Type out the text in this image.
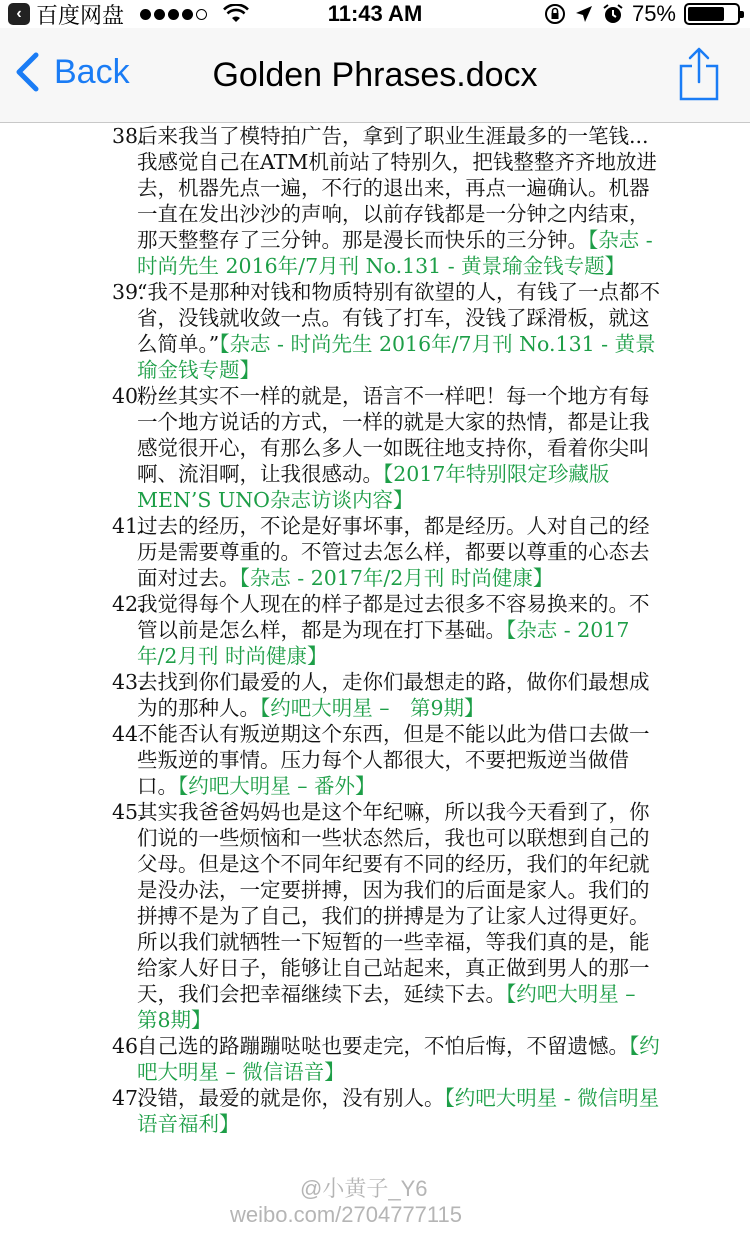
‹ 百度网盘	11:43 AM	75%
Back	Golden Phrases.docx
38.
后来我当了模特拍广告，拿到了职业生涯最多的一笔钱...我感觉自己在ATM机前站了特别久，把钱整整齐齐地放进去，机器先点一遍，不行的退出来，再点一遍确认。机器一直在发出沙沙的声响，以前存钱都是一分钟之内结束，那天整整存了三分钟。那是漫长而快乐的三分钟。【杂志 - 时尚先生 2016年/7月刊 No.131 - 黄景瑜金钱专题】
39.
“我不是那种对钱和物质特别有欲望的人，有钱了一点都不省，没钱就收敛一点。有钱了打车，没钱了踩滑板，就这么简单。”【杂志 - 时尚先生 2016年/7月刊 No.131 - 黄景瑜金钱专题】
40.
粉丝其实不一样的就是，语言不一样吧！每一个地方有每一个地方说话的方式，一样的就是大家的热情，都是让我感觉很开心，有那么多人一如既往地支持你，看着你尖叫啊、流泪啊，让我很感动。【2017年特别限定珍藏版MEN’S UNO杂志访谈内容】
41.
过去的经历，不论是好事坏事，都是经历。人对自己的经历是需要尊重的。不管过去怎么样，都要以尊重的心态去面对过去。【杂志 - 2017年/2月刊 时尚健康】
42.
我觉得每个人现在的样子都是过去很多不容易换来的。不管以前是怎么样，都是为现在打下基础。【杂志 - 2017年/2月刊 时尚健康】
43.
去找到你们最爱的人，走你们最想走的路，做你们最想成为的那种人。【约吧大明星 –　第9期】
44.
不能否认有叛逆期这个东西，但是不能以此为借口去做一些叛逆的事情。压力每个人都很大，不要把叛逆当做借口。【约吧大明星 – 番外】
45.
其实我爸爸妈妈也是这个年纪嘛，所以我今天看到了，你们说的一些烦恼和一些状态然后，我也可以联想到自己的父母。但是这个不同年纪要有不同的经历，我们的年纪就是没办法，一定要拼搏，因为我们的后面是家人。我们的拼搏不是为了自己，我们的拼搏是为了让家人过得更好。所以我们就牺牲一下短暂的一些幸福，等我们真的是，能给家人好日子，能够让自己站起来，真正做到男人的那一天，我们会把幸福继续下去，延续下去。【约吧大明星 – 第8期】
46.
自己选的路蹦蹦哒哒也要走完，不怕后悔，不留遗憾。【约吧大明星 – 微信语音】
47.
没错，最爱的就是你，没有别人。【约吧大明星 - 微信明星语音福利】
@小黄子_Y6
weibo.com/2704777115
